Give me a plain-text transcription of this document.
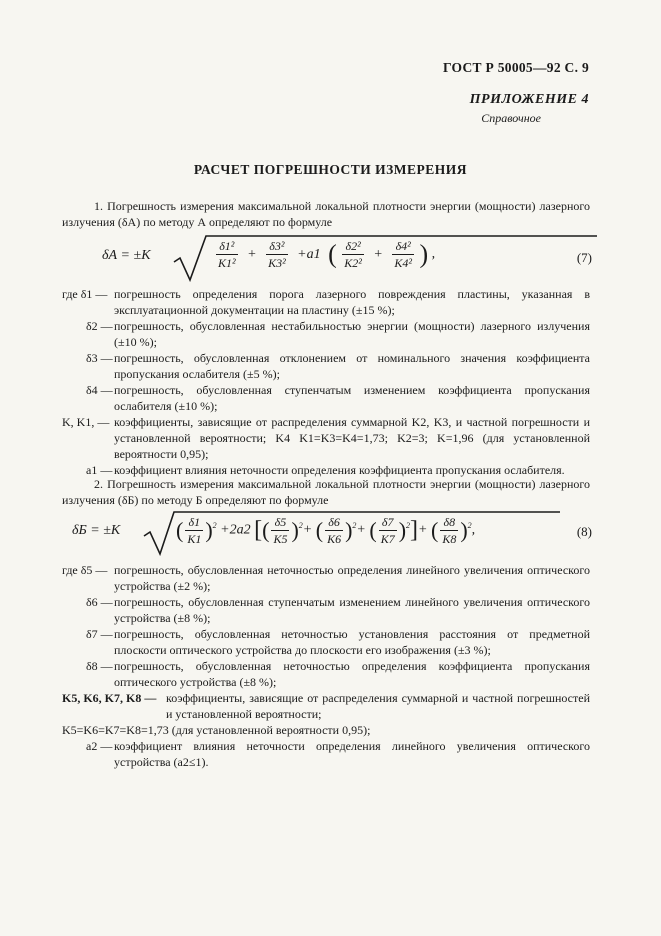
ГОСТ Р 50005—92 С. 9
ПРИЛОЖЕНИЕ 4
Справочное
РАСЧЕТ ПОГРЕШНОСТИ ИЗМЕРЕНИЯ
1. Погрешность измерения максимальной локальной плотности энергии (мощности) лазерного излучения (δА) по методу А определяют по формуле
δА = ±K	$\frac{\text{δ1²}}{\text{K1²}} + \frac{\text{δ3²}}{\text{K3²}} +a1$ ( $\frac{\text{δ2²}}{\text{K2²}} + \frac{\text{δ4²}}{\text{K4²}}$ ) ,	(7)
где δ1 — погрешность определения порога лазерного повреждения пластины, указанная в эксплуатационной документации на пластину (±15 %);
δ2 — погрешность, обусловленная нестабильностью энергии (мощности) лазерного излучения (±10 %);
δ3 — погрешность, обусловленная отклонением от номинального значения коэффициента пропускания ослабителя (±5 %);
δ4 — погрешность, обусловленная ступенчатым изменением коэффициента пропускания ослабителя (±10 %);
K, K1, — коэффициенты, зависящие от распределения суммарной K2, K3, и частной погрешности и установленной вероятности; K4 K1=K3=K4=1,73; K2=3; K=1,96 (для установленной вероятности 0,95);
a1 — коэффициент влияния неточности определения коэффициента пропускания ослабителя.
2. Погрешность измерения максимальной локальной плотности энергии (мощности) лазерного излучения (δБ) по методу Б определяют по формуле
δБ = ±K	( $\frac{\delta 1}{K1} )^2 +2a2$ [( $\frac{\delta 5}{K5} )^2+$ ( $\frac{\delta 6}{K6} )^2+$ ( $\frac{\delta 7}{K7} )^2]+$ ( $\frac{\delta 8}{K8} )^2$,	(8)
где δ5 — погрешность, обусловленная неточностью определения линейного увеличения оптического устройства (±2 %);
δ6 — погрешность, обусловленная ступенчатым изменением линейного увеличения оптического устройства (±8 %);
δ7 — погрешность, обусловленная неточностью установления расстояния от предметной плоскости оптического устройства до плоскости его изображения (±3 %);
δ8 — погрешность, обусловленная неточностью определения коэффициента пропускания оптического устройства (±8 %);
K5, K6, K7, K8 — коэффициенты, зависящие от распределения суммарной и частной погрешностей и установленной вероятности;
K5=K6=K7=K8=1,73 (для установленной вероятности 0,95);
a2 — коэффициент влияния неточности определения линейного увеличения оптического устройства (a2≤1).
